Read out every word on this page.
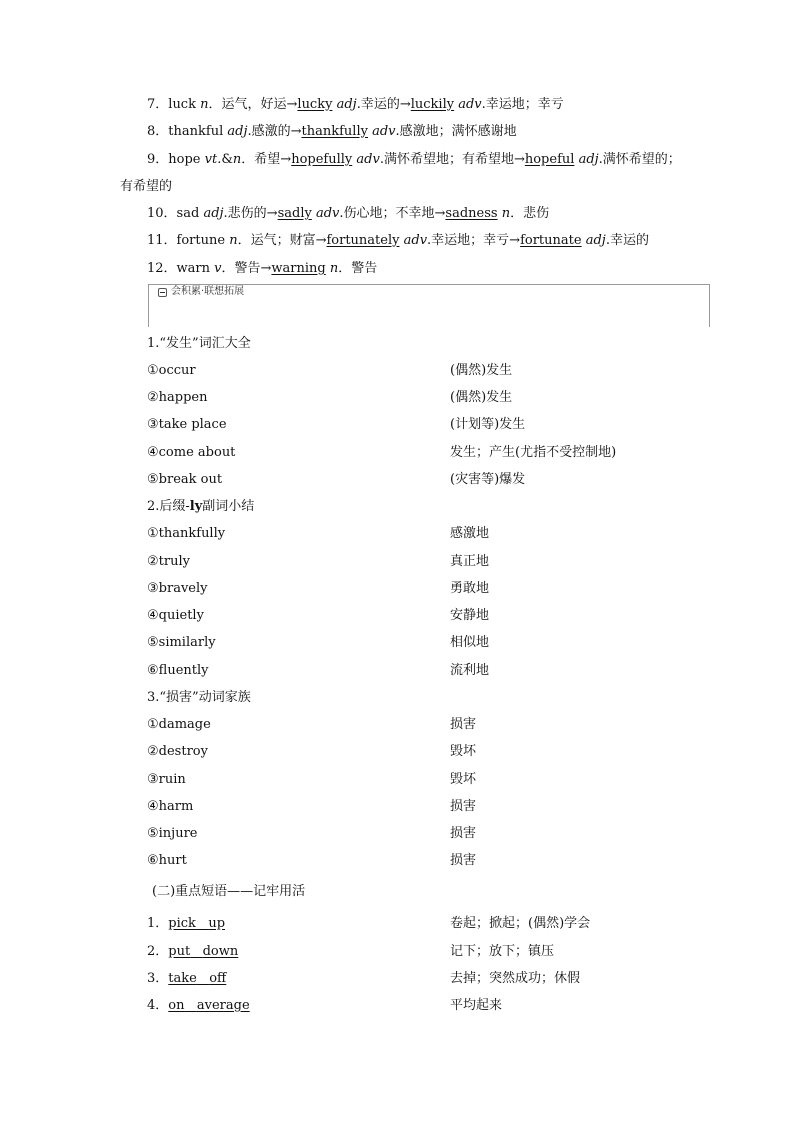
7．luck n．运气，好运→lucky adj.幸运的→luckily adv.幸运地；幸亏
8．thankful adj.感激的→thankfully adv.感激地；满怀感谢地
9．hope vt.&n．希望→hopefully adv.满怀希望地；有希望地→hopeful adj.满怀希望的；
有希望的
10．sad adj.悲伤的→sadly adv.伤心地；不幸地→sadness n．悲伤
11．fortune n．运气；财富→fortunately adv.幸运地；幸亏→fortunate adj.幸运的
12．warn v．警告→warning n．警告
会积累·联想拓展
1.“发生”词汇大全
①occur	(偶然)发生
②happen	(偶然)发生
③take place	(计划等)发生
④come about	发生；产生(尤指不受控制地)
⑤break out	(灾害等)爆发
2.后缀-ly副词小结
①thankfully	感激地
②truly	真正地
③bravely	勇敢地
④quietly	安静地
⑤similarly	相似地
⑥fluently	流利地
3.“损害”动词家族
①damage	损害
②destroy	毁坏
③ruin	毁坏
④harm	损害
⑤injure	损害
⑥hurt	损害
(二)重点短语——记牢用活
1．pick up	卷起；掀起；(偶然)学会
2．put down	记下；放下；镇压
3．take off	去掉；突然成功；休假
4．on average	平均起来
